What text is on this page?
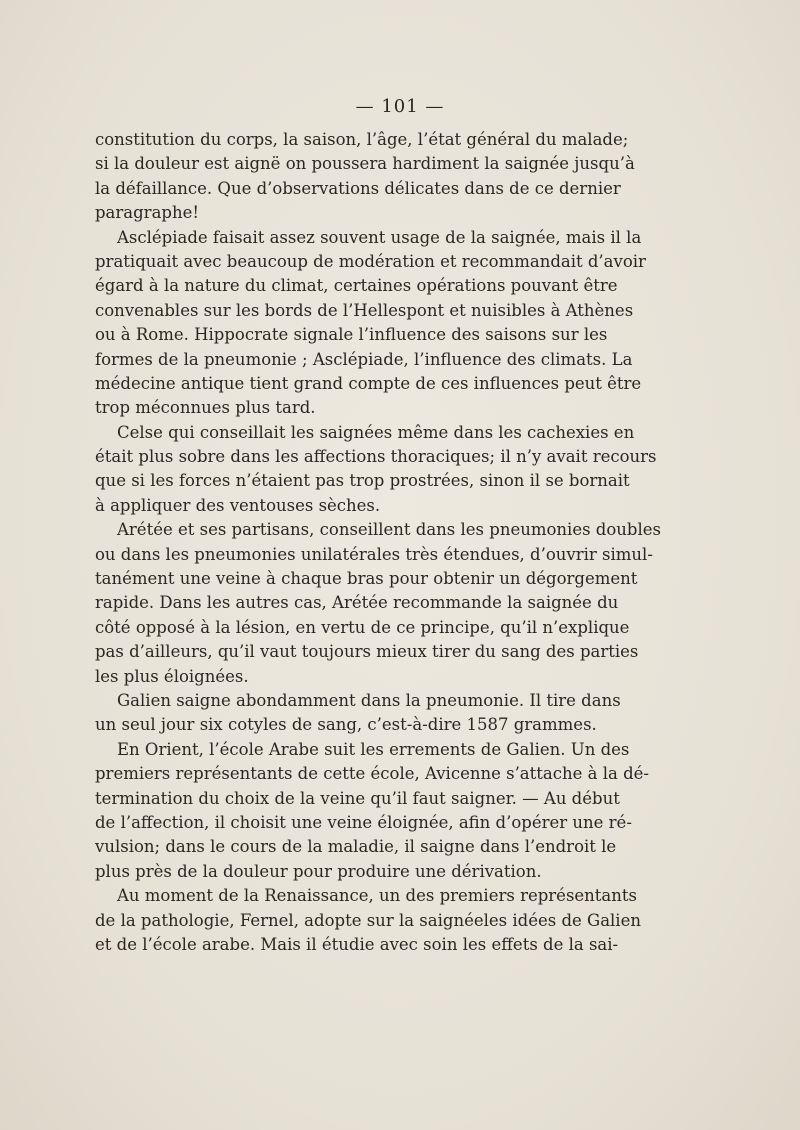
— 101 —
constitution du corps, la saison, l’âge, l’état général du malade;
si la douleur est aignë on poussera hardiment la saignée jusqu’à
la défaillance. Que d’observations délicates dans de ce dernier
paragraphe!
Asclépiade faisait assez souvent usage de la saignée, mais il la
pratiquait avec beaucoup de modération et recommandait d’avoir
égard à la nature du climat, certaines opérations pouvant être
convenables sur les bords de l’Hellespont et nuisibles à Athènes
ou à Rome. Hippocrate signale l’influence des saisons sur les
formes de la pneumonie ; Asclépiade, l’influence des climats. La
médecine antique tient grand compte de ces influences peut être
trop méconnues plus tard.
Celse qui conseillait les saignées même dans les cachexies en
était plus sobre dans les affections thoraciques; il n’y avait recours
que si les forces n’étaient pas trop prostrées, sinon il se bornait
à appliquer des ventouses sèches.
Arétée et ses partisans, conseillent dans les pneumonies doubles
ou dans les pneumonies unilatérales très étendues, d’ouvrir simul-
tanément une veine à chaque bras pour obtenir un dégorgement
rapide. Dans les autres cas, Arétée recommande la saignée du
côté opposé à la lésion, en vertu de ce principe, qu’il n’explique
pas d’ailleurs, qu’il vaut toujours mieux tirer du sang des parties
les plus éloignées.
Galien saigne abondamment dans la pneumonie. Il tire dans
un seul jour six cotyles de sang, c’est-à-dire 1587 grammes.
En Orient, l’école Arabe suit les errements de Galien. Un des
premiers représentants de cette école, Avicenne s’attache à la dé-
termination du choix de la veine qu’il faut saigner. — Au début
de l’affection, il choisit une veine éloignée, afin d’opérer une ré-
vulsion; dans le cours de la maladie, il saigne dans l’endroit le
plus près de la douleur pour produire une dérivation.
Au moment de la Renaissance, un des premiers représentants
de la pathologie, Fernel, adopte sur la saignéeles idées de Galien
et de l’école arabe. Mais il étudie avec soin les effets de la sai-
